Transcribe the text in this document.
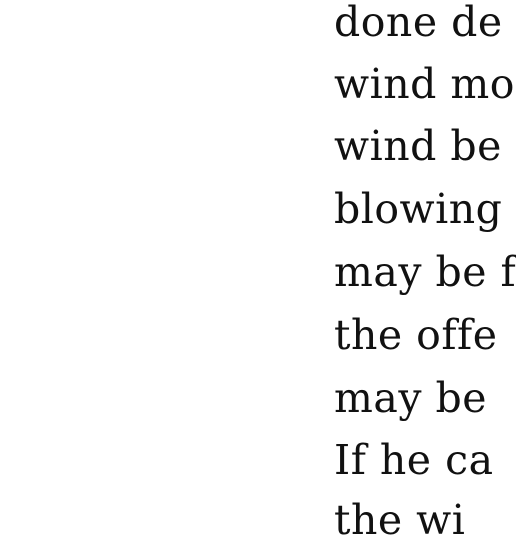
done de
wind mo
wind be
blowing
may be f
the offe
may be
If he ca
the wi
